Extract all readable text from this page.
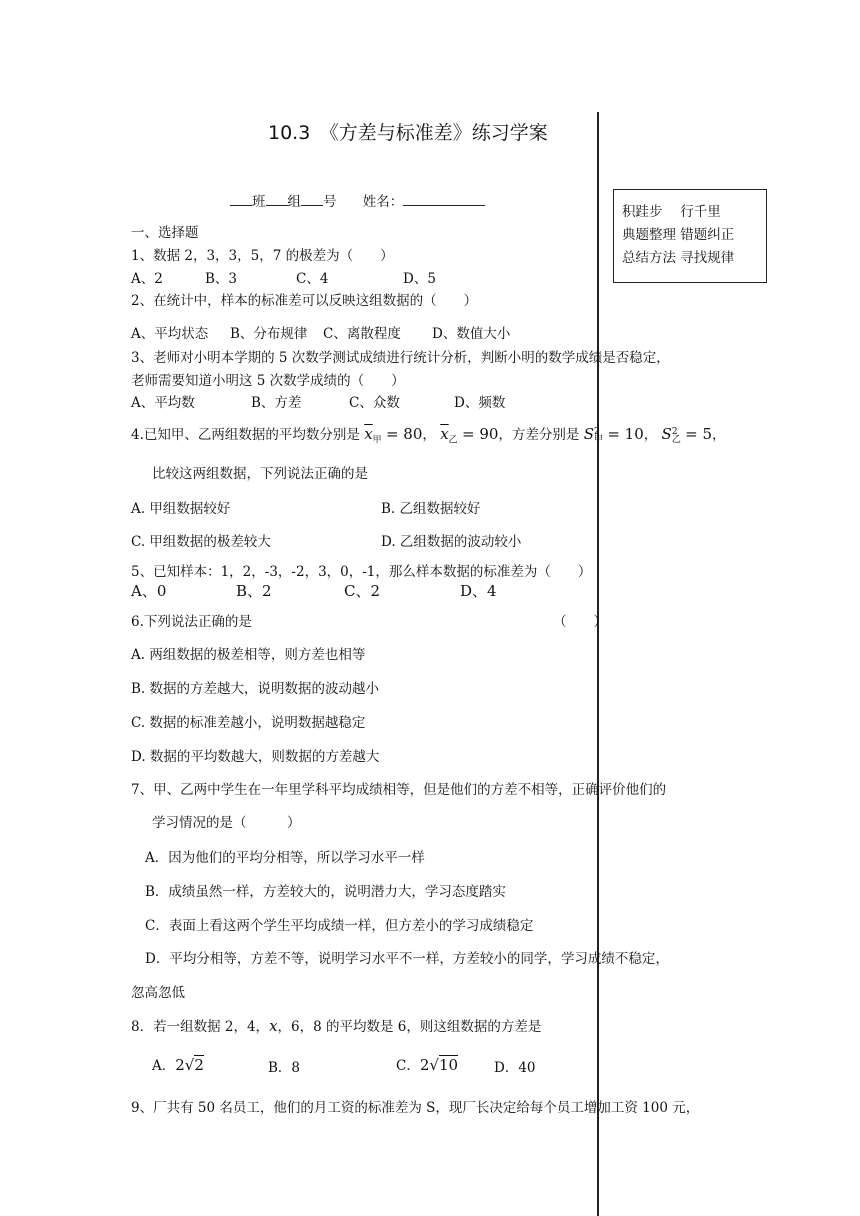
10.3　《方差与标准差》练习学案
班 组 号 姓名：
积跬步　 行千里
典题整理 错题纠正
总结方法 寻找规律
一、选择题
1、数据 2，3，3，5，7 的极差为（　　）
A、2	B、3	C、4	D、5
2、在统计中，样本的标准差可以反映这组数据的（　　）
A、平均状态 B、分布规律 C、离散程度 D、数值大小
3、老师对小明本学期的 5 次数学测试成绩进行统计分析，判断小明的数学成绩是否稳定，
老师需要知道小明这 5 次数学成绩的（　　）
A、平均数	B、方差	C、众数	D、频数
4.已知甲、乙两组数据的平均数分别是 $\overline{x}_甲 = 80$， $\overline{x}_乙 = 90$，方差分别是 S 2
甲 = 10， S 2
乙 = 5，
比较这两组数据，下列说法正确的是
A. 甲组数据较好	B. 乙组数据较好
C. 甲组数据的极差较大	D. 乙组数据的波动较小
5、已知样本：1，2，-3，-2，3，0，-1，那么样本数据的标准差为（　　）
A、0	B、2	C、2	D、4
6.下列说法正确的是	（　　）
A. 两组数据的极差相等，则方差也相等
B. 数据的方差越大，说明数据的波动越小
C. 数据的标准差越小，说明数据越稳定
D. 数据的平均数越大，则数据的方差越大
7、甲、乙两中学生在一年里学科平均成绩相等，但是他们的方差不相等，正确评价他们的
学习情况的是（　　　）
A．因为他们的平均分相等，所以学习水平一样
B．成绩虽然一样，方差较大的，说明潜力大，学习态度踏实
C．表面上看这两个学生平均成绩一样，但方差小的学习成绩稳定
D．平均分相等，方差不等，说明学习水平不一样，方差较小的同学，学习成绩不稳定，
忽高忽低
8．若一组数据 2，4，x，6，8 的平均数是 6，则这组数据的方差是
A．2√2	B．8	C．2√10	D．40
9、厂共有 50 名员工，他们的月工资的标准差为 S，现厂长决定给每个员工增加工资 100 元，
